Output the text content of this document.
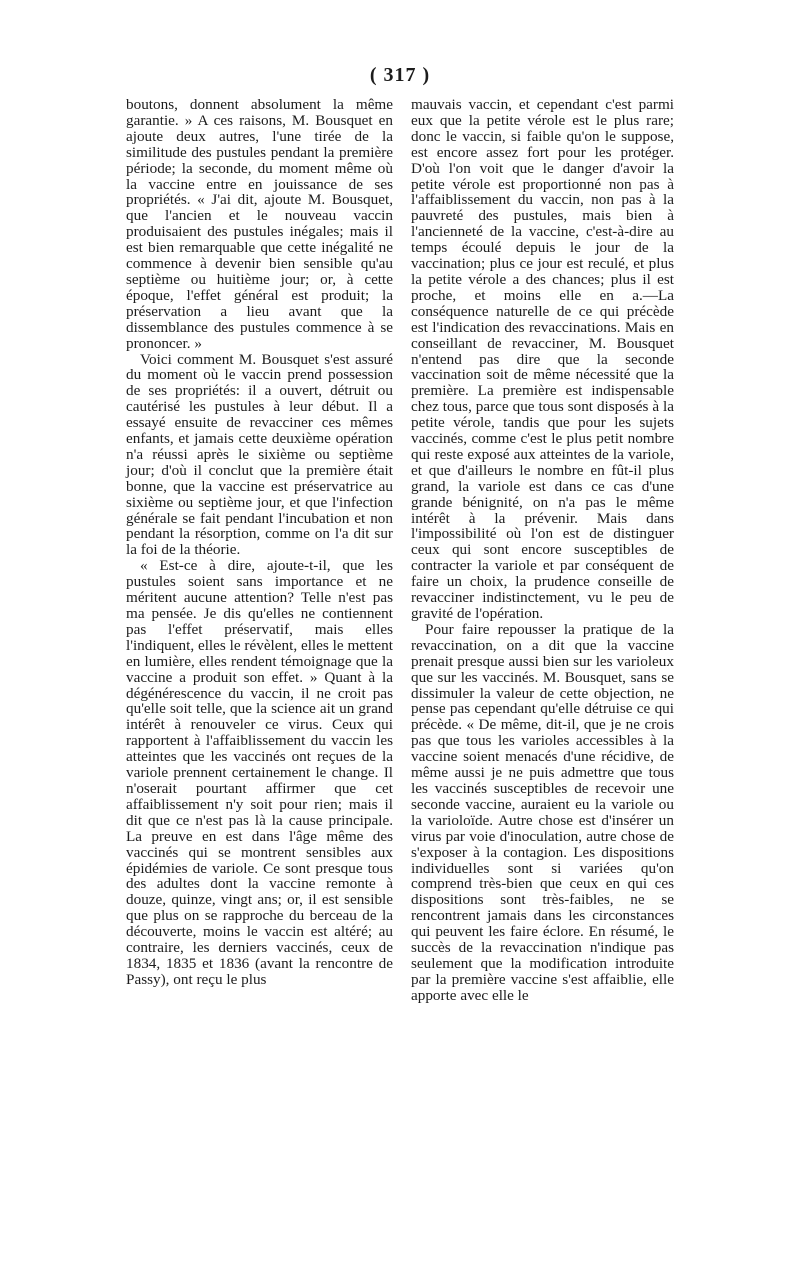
( 317 )

boutons, donnent absolument la même garantie. » A ces raisons, M. Bousquet en ajoute deux autres, l'une tirée de la similitude des pustules pendant la première période; la seconde, du moment même où la vaccine entre en jouissance de ses propriétés. « J'ai dit, ajoute M. Bousquet, que l'ancien et le nouveau vaccin produisaient des pustules inégales; mais il est bien remarquable que cette inégalité ne commence à devenir bien sensible qu'au septième ou huitième jour; or, à cette époque, l'effet général est produit; la préservation a lieu avant que la dissemblance des pustules commence à se prononcer. »

Voici comment M. Bousquet s'est assuré du moment où le vaccin prend possession de ses propriétés: il a ouvert, détruit ou cautérisé les pustules à leur début. Il a essayé ensuite de revacciner ces mêmes enfants, et jamais cette deuxième opération n'a réussi après le sixième ou septième jour; d'où il conclut que la première était bonne, que la vaccine est préservatrice au sixième ou septième jour, et que l'infection générale se fait pendant l'incubation et non pendant la résorption, comme on l'a dit sur la foi de la théorie.

« Est-ce à dire, ajoute-t-il, que les pustules soient sans importance et ne méritent aucune attention? Telle n'est pas ma pensée. Je dis qu'elles ne contiennent pas l'effet préservatif, mais elles l'indiquent, elles le révèlent, elles le mettent en lumière, elles rendent témoignage que la vaccine a produit son effet. » Quant à la dégénérescence du vaccin, il ne croit pas qu'elle soit telle, que la science ait un grand intérêt à renouveler ce virus. Ceux qui rapportent à l'affaiblissement du vaccin les atteintes que les vaccinés ont reçues de la variole prennent certainement le change. Il n'oserait pourtant affirmer que cet affaiblissement n'y soit pour rien; mais il dit que ce n'est pas là la cause principale. La preuve en est dans l'âge même des vaccinés qui se montrent sensibles aux épidémies de variole. Ce sont presque tous des adultes dont la vaccine remonte à douze, quinze, vingt ans; or, il est sensible que plus on se rapproche du berceau de la découverte, moins le vaccin est altéré; au contraire, les derniers vaccinés, ceux de 1834, 1835 et 1836 (avant la rencontre de Passy), ont reçu le plus

mauvais vaccin, et cependant c'est parmi eux que la petite vérole est le plus rare; donc le vaccin, si faible qu'on le suppose, est encore assez fort pour les protéger. D'où l'on voit que le danger d'avoir la petite vérole est proportionné non pas à l'affaiblissement du vaccin, non pas à la pauvreté des pustules, mais bien à l'ancienneté de la vaccine, c'est-à-dire au temps écoulé depuis le jour de la vaccination; plus ce jour est reculé, et plus la petite vérole a des chances; plus il est proche, et moins elle en a.—La conséquence naturelle de ce qui précède est l'indication des revaccinations. Mais en conseillant de revacciner, M. Bousquet n'entend pas dire que la seconde vaccination soit de même nécessité que la première. La première est indispensable chez tous, parce que tous sont disposés à la petite vérole, tandis que pour les sujets vaccinés, comme c'est le plus petit nombre qui reste exposé aux atteintes de la variole, et que d'ailleurs le nombre en fût-il plus grand, la variole est dans ce cas d'une grande bénignité, on n'a pas le même intérêt à la prévenir. Mais dans l'impossibilité où l'on est de distinguer ceux qui sont encore susceptibles de contracter la variole et par conséquent de faire un choix, la prudence conseille de revacciner indistinctement, vu le peu de gravité de l'opération.

Pour faire repousser la pratique de la revaccination, on a dit que la vaccine prenait presque aussi bien sur les varioleux que sur les vaccinés. M. Bousquet, sans se dissimuler la valeur de cette objection, ne pense pas cependant qu'elle détruise ce qui précède. « De même, dit-il, que je ne crois pas que tous les varioles accessibles à la vaccine soient menacés d'une récidive, de même aussi je ne puis admettre que tous les vaccinés susceptibles de recevoir une seconde vaccine, auraient eu la variole ou la varioloïde. Autre chose est d'insérer un virus par voie d'inoculation, autre chose de s'exposer à la contagion. Les dispositions individuelles sont si variées qu'on comprend très-bien que ceux en qui ces dispositions sont très-faibles, ne se rencontrent jamais dans les circonstances qui peuvent les faire éclore. En résumé, le succès de la revaccination n'indique pas seulement que la modification introduite par la première vaccine s'est affaiblie, elle apporte avec elle le
